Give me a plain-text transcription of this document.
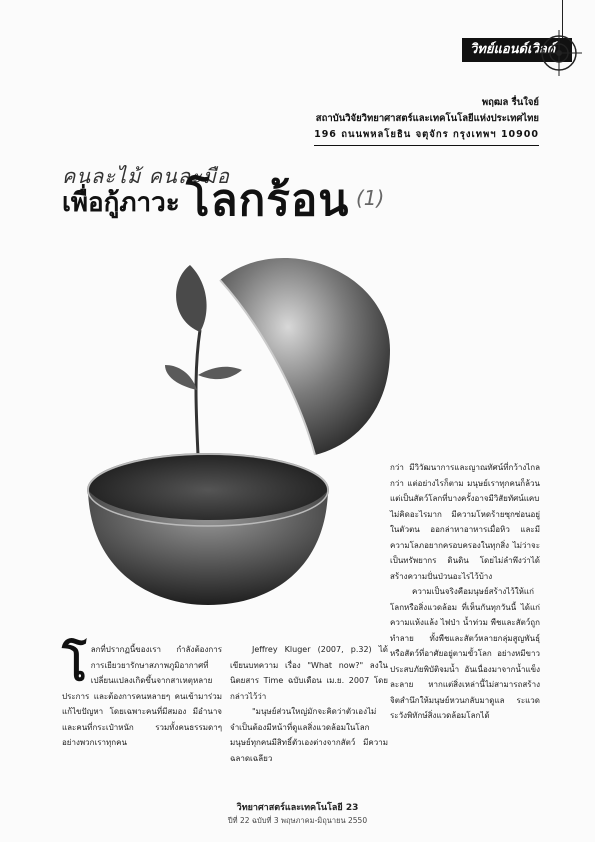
วิทย์แอนด์เวิลด์
พฤฒล รื่นใจย์
สถาบันวิจัยวิทยาศาสตร์และเทคโนโลยีแห่งประเทศไทย
196 ถนนพหลโยธิน จตุจักร กรุงเทพฯ 10900
คนละไม้ คนละมือ
เพื่อกู้ภาวะ โลกร้อน (1)

กว่า มีวิวัฒนาการและญาณทัศน์ที่กว้างไกลกว่า แต่อย่างไรก็ตาม มนุษย์เราทุกคนก็ล้วนแต่เป็นสัตว์โลกที่บางครั้งอาจมีวิสัยทัศน์แคบ ไม่คิดอะไรมาก มีความโหดร้ายซุกซ่อนอยู่ในตัวตน ออกล่าหาอาหารเมื่อหิว และมีความโลภอยากครอบครองในทุกสิ่ง ไม่ว่าจะเป็นทรัพยากร ดินดิน โดยไม่ลำพึงว่าได้สร้างความปั่นป่วนอะไรไว้บ้าง

ความเป็นจริงคือมนุษย์สร้างไว้ให้แก่โลกหรือสิ่งแวดล้อม ที่เห็นกันทุกวันนี้ ได้แก่ ความแห้งแล้ง ไฟป่า น้ำท่วม พืชและสัตว์ถูกทำลาย ทั้งพืชและสัตว์หลายกลุ่มสูญพันธุ์ หรือสัตว์ที่อาศัยอยู่ตามขั้วโลก อย่างหมีขาวประสบภัยพิบัติจมน้ำ อันเนื่องมาจากน้ำแข็งละลาย หากแต่สิ่งเหล่านี้ไม่สามารถสร้างจิตสำนึกให้มนุษย์หวนกลับมาดูแล ระแวดระวังพิทักษ์สิ่งแวดล้อมโลกได้

โ ลกที่ปรากฏนี้ของเรา กำลังต้องการการเยียวยารักษาสภาพภูมิอากาศที่เปลี่ยนแปลงเกิดขึ้นจากสาเหตุหลายประการ และต้องการคนหลายๆ คนเข้ามาร่วมแก้ไขปัญหา โดยเฉพาะคนที่มีสมอง มีอำนาจ และคนที่กระเป๋าหนัก รวมทั้งคนธรรมดาๆ อย่างพวกเราทุกคน

Jeffrey Kluger (2007, p.32) ได้เขียนบทความ เรื่อง "What now?" ลงในนิตยสาร Time ฉบับเดือน เม.ย. 2007 โดยกล่าวไว้ว่า

"มนุษย์ส่วนใหญ่มักจะคิดว่าตัวเองไม่จำเป็นต้องมีหน้าที่ดูแลสิ่งแวดล้อมในโลก มนุษย์ทุกคนมีสิทธิ์ตัวเองต่างจากสัตว์ มีความฉลาดเฉลียว

วิทยาศาสตร์และเทคโนโลยี 23
ปีที่ 22 ฉบับที่ 3 พฤษภาคม-มิถุนายน 2550
